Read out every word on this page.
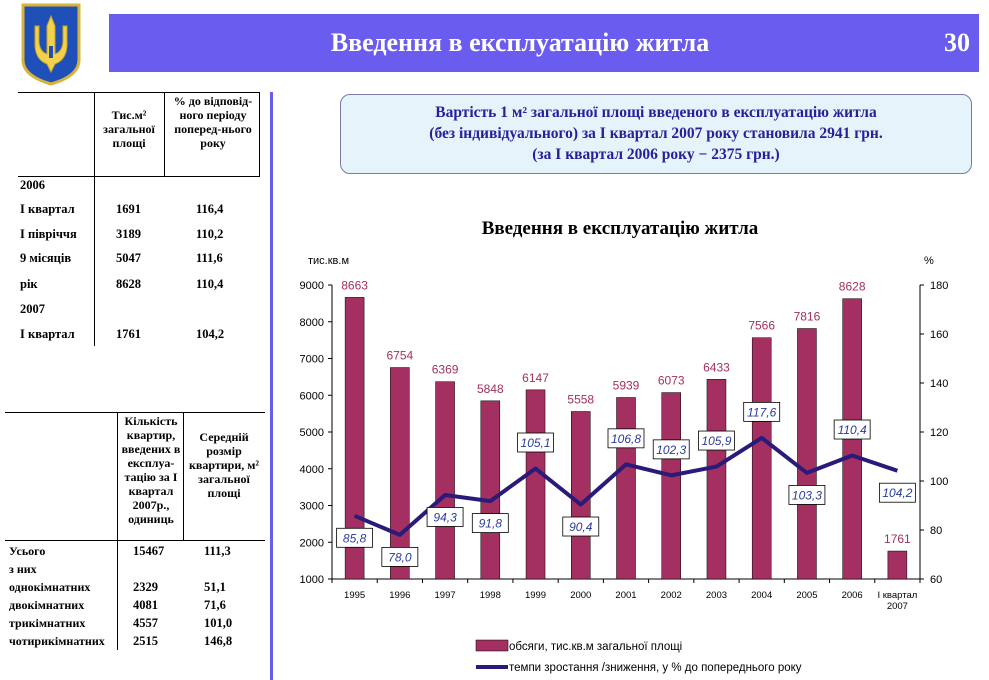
Введення в експлуатацію житла	30
Тис.м² загальної площі
% до відповід-ного періоду поперед-нього року
2006
І квартал	1691	116,4
І півріччя	3189	110,2
9 місяців	5047	111,6
рік	8628	110,4
2007
І квартал	1761	104,2
Кількість квартир, введених в експлуа-тацію за І квартал 2007р., одиниць
Середній розмір квартири, м² загальної площі
Усього	15467	111,3
з них
однокімнатних	2329	51,1
двокімнатних	4081	71,6
трикімнатних	4557	101,0
чотирикімнатних 2515	146,8
Вартість 1 м² загальної площі введеного в експлуатацію житла
(без індивідуального) за І квартал 2007 року становила 2941 грн.
(за І квартал 2006 року − 2375 грн.)
Введення в експлуатацію житла
тис.кв.м	%
1000
2000
3000
4000
5000
6000
7000
8000
9000
60
80
100
120
140
160
180
1995	1996	1997	1998	1999	2000	2001	2002	2003	2004	2005	2006 І квартал
2007
8663
6754
6369
5848
6147
5558
5939 6073
6433
7566
7816
8628
1761
85,8
78,0
94,3 91,8
105,1
90,4
106,8
102,3
105,9
117,6
103,3
110,4
104,2
обсяги, тис.кв.м загальної площі
темпи зростання /зниження, у % до попереднього року
